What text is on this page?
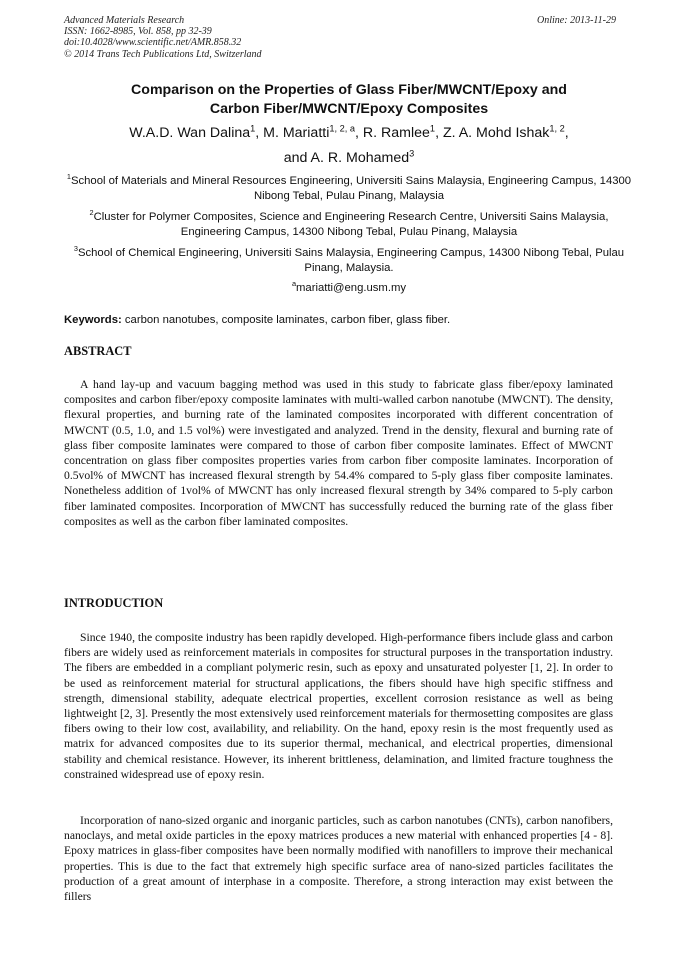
Advanced Materials Research
ISSN: 1662-8985, Vol. 858, pp 32-39
doi:10.4028/www.scientific.net/AMR.858.32
© 2014 Trans Tech Publications Ltd, Switzerland
Online: 2013-11-29
Comparison on the Properties of Glass Fiber/MWCNT/Epoxy and
Carbon Fiber/MWCNT/Epoxy Composites
W.A.D. Wan Dalina$^1$, M. Mariatti$^{1, 2, a}$, R. Ramlee$^1$, Z. A. Mohd Ishak$^{1, 2}$,
and A. R. Mohamed$^3$
$^1$School of Materials and Mineral Resources Engineering, Universiti Sains Malaysia, Engineering Campus, 14300 Nibong Tebal, Pulau Pinang, Malaysia
$^2$Cluster for Polymer Composites, Science and Engineering Research Centre, Universiti Sains Malaysia, Engineering Campus, 14300 Nibong Tebal, Pulau Pinang, Malaysia
$^3$School of Chemical Engineering, Universiti Sains Malaysia, Engineering Campus, 14300 Nibong Tebal, Pulau Pinang, Malaysia.
$^a$mariatti@eng.usm.my
Keywords: carbon nanotubes, composite laminates, carbon fiber, glass fiber.
ABSTRACT
A hand lay-up and vacuum bagging method was used in this study to fabricate glass fiber/epoxy laminated composites and carbon fiber/epoxy composite laminates with multi-walled carbon nanotube (MWCNT). The density, flexural properties, and burning rate of the laminated composites incorporated with different concentration of MWCNT (0.5, 1.0, and 1.5 vol%) were investigated and analyzed. Trend in the density, flexural and burning rate of glass fiber composite laminates were compared to those of carbon fiber composite laminates. Effect of MWCNT concentration on glass fiber composites properties varies from carbon fiber composite laminates. Incorporation of 0.5vol% of MWCNT has increased flexural strength by 54.4% compared to 5-ply glass fiber composite laminates. Nonetheless addition of 1vol% of MWCNT has only increased flexural strength by 34% compared to 5-ply carbon fiber laminated composites. Incorporation of MWCNT has successfully reduced the burning rate of the glass fiber composites as well as the carbon fiber laminated composites.
INTRODUCTION
Since 1940, the composite industry has been rapidly developed. High-performance fibers include glass and carbon fibers are widely used as reinforcement materials in composites for structural purposes in the transportation industry. The fibers are embedded in a compliant polymeric resin, such as epoxy and unsaturated polyester [1, 2]. In order to be used as reinforcement material for structural applications, the fibers should have high specific stiffness and strength, dimensional stability, adequate electrical properties, excellent corrosion resistance as well as being lightweight [2, 3]. Presently the most extensively used reinforcement materials for thermosetting composites are glass fibers owing to their low cost, availability, and reliability. On the hand, epoxy resin is the most frequently used as matrix for advanced composites due to its superior thermal, mechanical, and electrical properties, dimensional stability and chemical resistance. However, its inherent brittleness, delamination, and limited fracture toughness the constrained widespread use of epoxy resin.
Incorporation of nano-sized organic and inorganic particles, such as carbon nanotubes (CNTs), carbon nanofibers, nanoclays, and metal oxide particles in the epoxy matrices produces a new material with enhanced properties [4 - 8]. Epoxy matrices in glass-fiber composites have been normally modified with nanofillers to improve their mechanical properties. This is due to the fact that extremely high specific surface area of nano-sized particles facilitates the production of a great amount of interphase in a composite. Therefore, a strong interaction may exist between the fillers
